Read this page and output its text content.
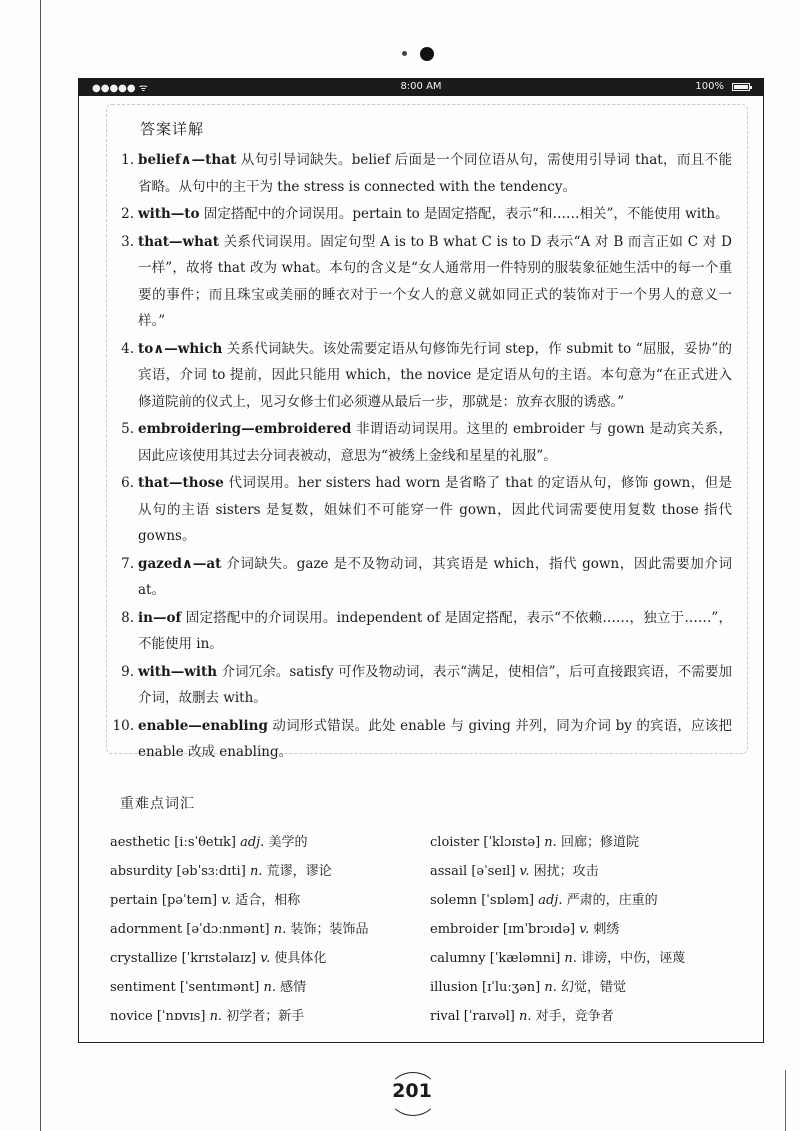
●●●●● ᯤ	8:00 AM	100%
答案详解
1. belief∧—that 从句引导词缺失。belief 后面是一个同位语从句，需使用引导词 that，而且不能省略。从句中的主干为 the stress is connected with the tendency。
2. with—to 固定搭配中的介词误用。pertain to 是固定搭配，表示“和……相关”，不能使用 with。
3. that—what 关系代词误用。固定句型 A is to B what C is to D 表示“A 对 B 而言正如 C 对 D 一样”，故将 that 改为 what。本句的含义是“女人通常用一件特别的服装象征她生活中的每一个重要的事件；而且珠宝或美丽的睡衣对于一个女人的意义就如同正式的装饰对于一个男人的意义一样。”
4. to∧—which 关系代词缺失。该处需要定语从句修饰先行词 step，作 submit to “屈服，妥协”的宾语，介词 to 提前，因此只能用 which，the novice 是定语从句的主语。本句意为“在正式进入修道院前的仪式上，见习女修士们必须遵从最后一步，那就是：放弃衣服的诱惑。”
5. embroidering—embroidered 非谓语动词误用。这里的 embroider 与 gown 是动宾关系，因此应该使用其过去分词表被动，意思为“被绣上金线和星星的礼服”。
6. that—those 代词误用。her sisters had worn 是省略了 that 的定语从句，修饰 gown，但是从句的主语 sisters 是复数，姐妹们不可能穿一件 gown，因此代词需要使用复数 those 指代 gowns。
7. gazed∧—at 介词缺失。gaze 是不及物动词，其宾语是 which，指代 gown，因此需要加介词 at。
8. in—of 固定搭配中的介词误用。independent of 是固定搭配，表示“不依赖……，独立于……”，不能使用 in。
9. with—with 介词冗余。satisfy 可作及物动词，表示“满足，使相信”，后可直接跟宾语，不需要加介词，故删去 with。
10. enable—enabling 动词形式错误。此处 enable 与 giving 并列，同为介词 by 的宾语，应该把 enable 改成 enabling。
重难点词汇
aesthetic [iːsˈθetɪk] adj. 美学的
absurdity [əbˈsɜːdɪti] n. 荒谬，谬论
pertain [pəˈteɪn] v. 适合，相称
adornment [əˈdɔːnmənt] n. 装饰；装饰品
crystallize [ˈkrɪstəlaɪz] v. 使具体化
sentiment [ˈsentɪmənt] n. 感情
novice [ˈnɒvɪs] n. 初学者；新手
cloister [ˈklɔɪstə] n. 回廊；修道院
assail [əˈseɪl] v. 困扰；攻击
solemn [ˈsɒləm] adj. 严肃的，庄重的
embroider [ɪmˈbrɔɪdə] v. 刺绣
calumny [ˈkæləmni] n. 诽谤，中伤，诬蔑
illusion [ɪˈluːʒən] n. 幻觉，错觉
rival [ˈraɪvəl] n. 对手，竞争者
201
